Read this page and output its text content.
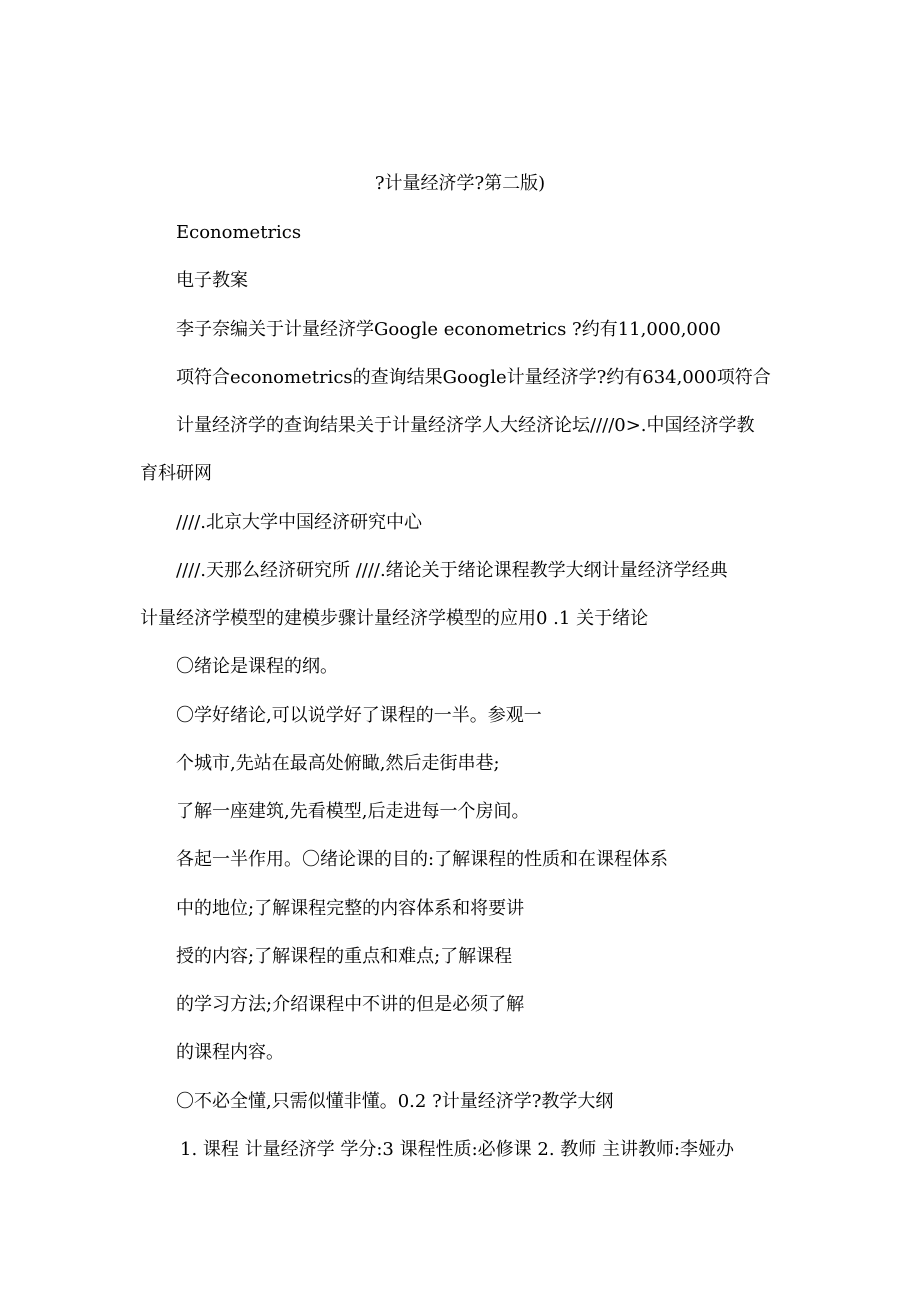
?计量经济学?第二版)
Econometrics
电子教案
李子奈编关于计量经济学Google econometrics ?约有11,000,000
项符合econometrics的查询结果Google计量经济学?约有634,000项符合
计量经济学的查询结果关于计量经济学人大经济论坛////0>.中国经济学教
育科研网
////.北京大学中国经济研究中心
////.天那么经济研究所 ////.绪论关于绪论课程教学大纲计量经济学经典
计量经济学模型的建模步骤计量经济学模型的应用0 .1 关于绪论
〇绪论是课程的纲。
〇学好绪论,可以说学好了课程的一半。参观一
个城市,先站在最高处俯瞰,然后走街串巷;
了解一座建筑,先看模型,后走进每一个房间。
各起一半作用。〇绪论课的目的:了解课程的性质和在课程体系
中的地位;了解课程完整的内容体系和将要讲
授的内容;了解课程的重点和难点;了解课程
的学习方法;介绍课程中不讲的但是必须了解
的课程内容。
〇不必全懂,只需似懂非懂。0.2 ?计量经济学?教学大纲
1. 课程 计量经济学 学分:3 课程性质:必修课 2. 教师 主讲教师:李娅办
